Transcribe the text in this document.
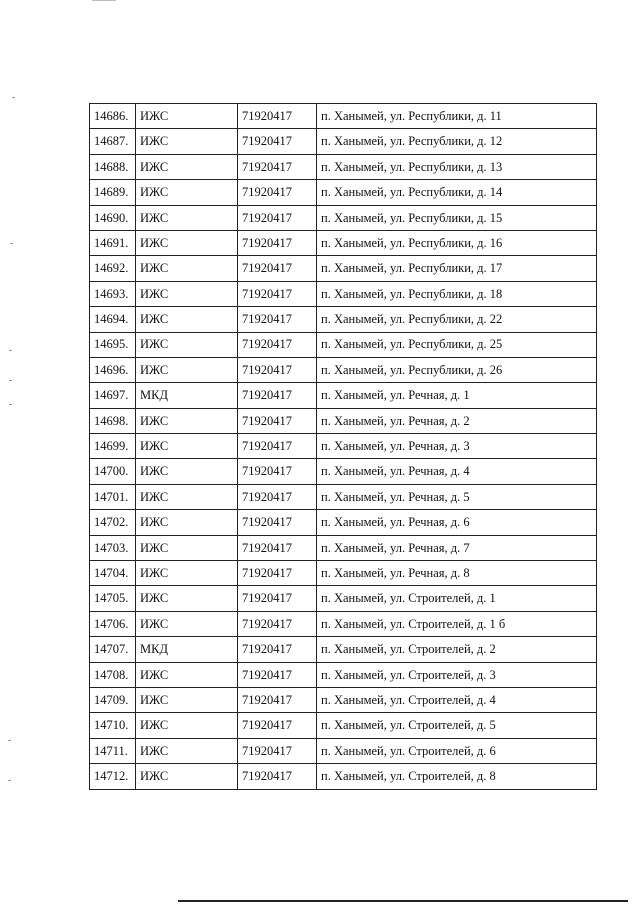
14686.	ИЖС	71920417	п. Ханымей, ул. Республики, д. 11
14687.	ИЖС	71920417	п. Ханымей, ул. Республики, д. 12
14688.	ИЖС	71920417	п. Ханымей, ул. Республики, д. 13
14689.	ИЖС	71920417	п. Ханымей, ул. Республики, д. 14
14690.	ИЖС	71920417	п. Ханымей, ул. Республики, д. 15
14691.	ИЖС	71920417	п. Ханымей, ул. Республики, д. 16
14692.	ИЖС	71920417	п. Ханымей, ул. Республики, д. 17
14693.	ИЖС	71920417	п. Ханымей, ул. Республики, д. 18
14694.	ИЖС	71920417	п. Ханымей, ул. Республики, д. 22
14695.	ИЖС	71920417	п. Ханымей, ул. Республики, д. 25
14696.	ИЖС	71920417	п. Ханымей, ул. Республики, д. 26
14697.	МКД	71920417	п. Ханымей, ул. Речная, д. 1
14698.	ИЖС	71920417	п. Ханымей, ул. Речная, д. 2
14699.	ИЖС	71920417	п. Ханымей, ул. Речная, д. 3
14700.	ИЖС	71920417	п. Ханымей, ул. Речная, д. 4
14701.	ИЖС	71920417	п. Ханымей, ул. Речная, д. 5
14702.	ИЖС	71920417	п. Ханымей, ул. Речная, д. 6
14703.	ИЖС	71920417	п. Ханымей, ул. Речная, д. 7
14704.	ИЖС	71920417	п. Ханымей, ул. Речная, д. 8
14705.	ИЖС	71920417	п. Ханымей, ул. Строителей, д. 1
14706.	ИЖС	71920417	п. Ханымей, ул. Строителей, д. 1 б
14707.	МКД	71920417	п. Ханымей, ул. Строителей, д. 2
14708.	ИЖС	71920417	п. Ханымей, ул. Строителей, д. 3
14709.	ИЖС	71920417	п. Ханымей, ул. Строителей, д. 4
14710.	ИЖС	71920417	п. Ханымей, ул. Строителей, д. 5
14711.	ИЖС	71920417	п. Ханымей, ул. Строителей, д. 6
14712.	ИЖС	71920417	п. Ханымей, ул. Строителей, д. 8
